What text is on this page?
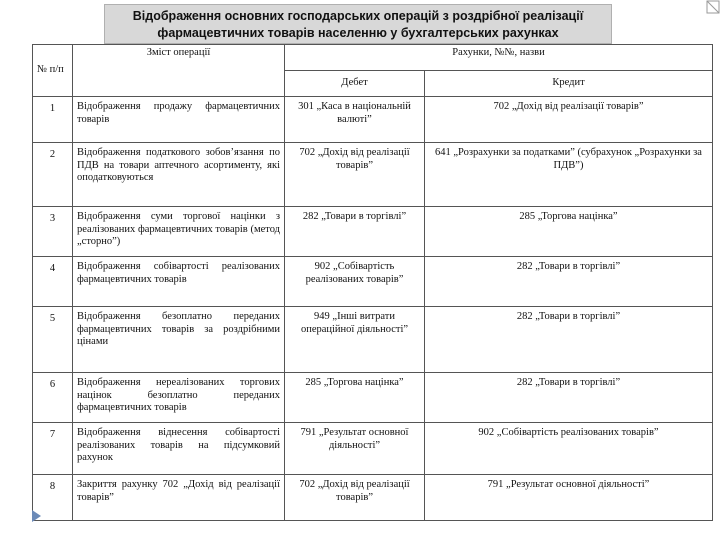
Відображення основних господарських операцій з роздрібної реалізації
фармацевтичних товарів населенню у бухгалтерських рахунках
№ п/п	Зміст операції	Рахунки, №№, назви	
		Дебет	Кредит
1	Відображення продажу фармацевтичних товарів	301 „Каса в національній валюті”	702 „Дохід від реалізації товарів”
2	Відображення податкового зобов’язання по ПДВ на товари аптечного асортименту, які оподатковуються	702 „Дохід від реалізації товарів”	641 „Розрахунки за податками” (субрахунок „Розрахунки за ПДВ”)
3	Відображення суми торгової націнки з реалізованих фармацевтичних товарів (метод „сторно”)	282 „Товари в торгівлі”	285 „Торгова націнка”
4	Відображення собівартості реалізованих фармацевтичних товарів	902 „Собівартість реалізованих товарів”	282 „Товари в торгівлі”
5	Відображення безоплатно переданих фармацевтичних товарів за роздрібними цінами	949 „Інші витрати операційної діяльності”	282 „Товари в торгівлі”
6	Відображення нереалізованих торгових націнок безоплатно переданих фармацевтичних товарів	285 „Торгова націнка”	282 „Товари в торгівлі”
7	Відображення віднесення собівартості реалізованих товарів на підсумковий рахунок	791 „Результат основної діяльності”	902 „Собівартість реалізованих товарів”
8	Закриття рахунку 702 „Дохід від реалізації товарів”	702 „Дохід від реалізації товарів”	791 „Результат основної діяльності”
